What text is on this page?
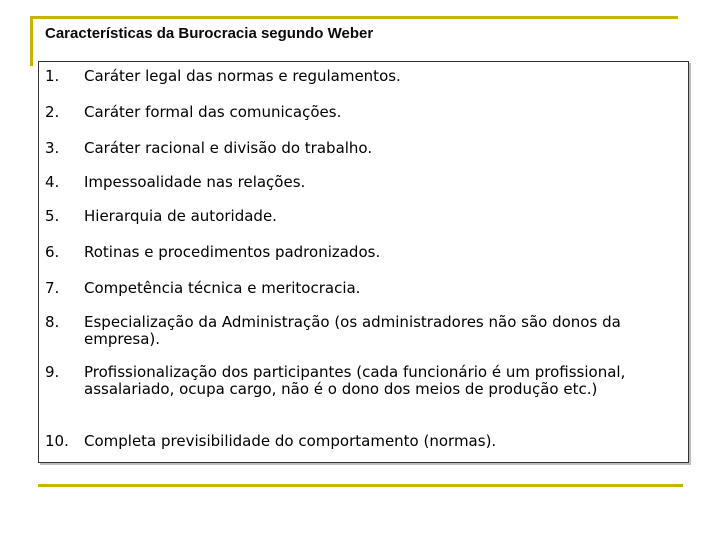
Características da Burocracia segundo Weber
1.	Caráter legal das normas e regulamentos.
2.	Caráter formal das comunicações.
3.	Caráter racional e divisão do trabalho.
4.	Impessoalidade nas relações.
5.	Hierarquia de autoridade.
6.	Rotinas e procedimentos padronizados.
7.	Competência técnica e meritocracia.
8.	Especialização da Administração (os administradores não são donos da empresa).
9.	Profissionalização dos participantes (cada funcionário é um profissional, assalariado, ocupa cargo, não é o dono dos meios de produção etc.)
10.	Completa previsibilidade do comportamento (normas).
